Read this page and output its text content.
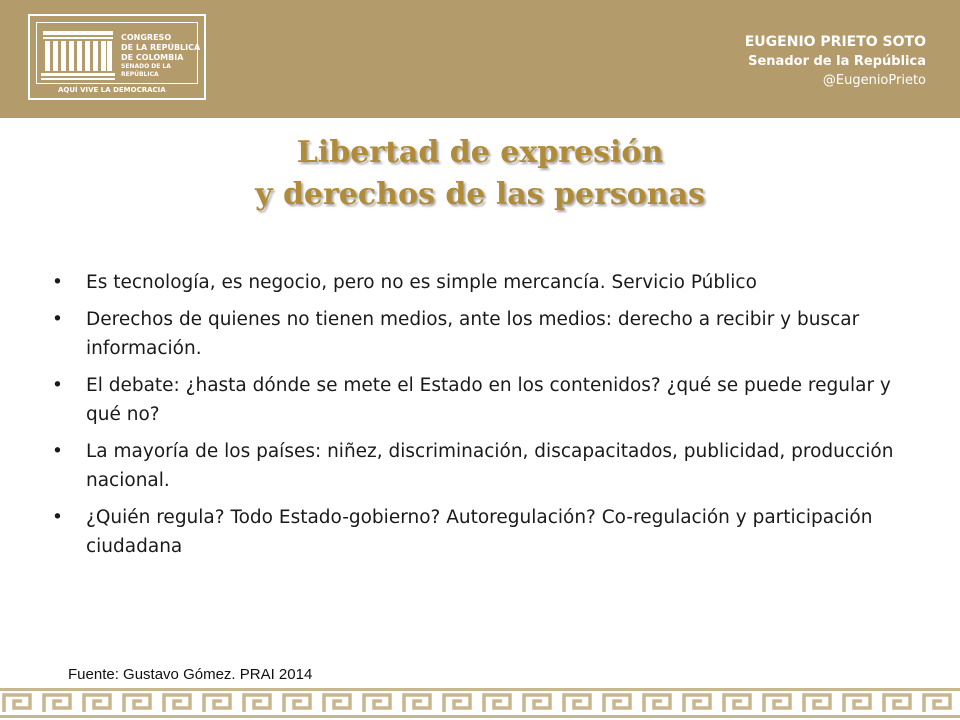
CONGRESO
DE LA REPÚBLICA
DE COLOMBIA
SENADO DE LA REPÚBLICA
AQUÍ VIVE LA DEMOCRACIA
EUGENIO PRIETO SOTO
Senador de la República
@EugenioPrieto
Libertad de expresión
y derechos de las personas
• Es tecnología, es negocio, pero no es simple mercancía. Servicio Público
• Derechos de quienes no tienen medios, ante los medios: derecho a recibir y buscar información.
• El debate: ¿hasta dónde se mete el Estado en los contenidos? ¿qué se puede regular y qué no?
• La mayoría de los países: niñez, discriminación, discapacitados, publicidad, producción nacional.
• ¿Quién regula? Todo Estado-gobierno? Autoregulación? Co-regulación y participación ciudadana
Fuente: Gustavo Gómez. PRAI 2014
